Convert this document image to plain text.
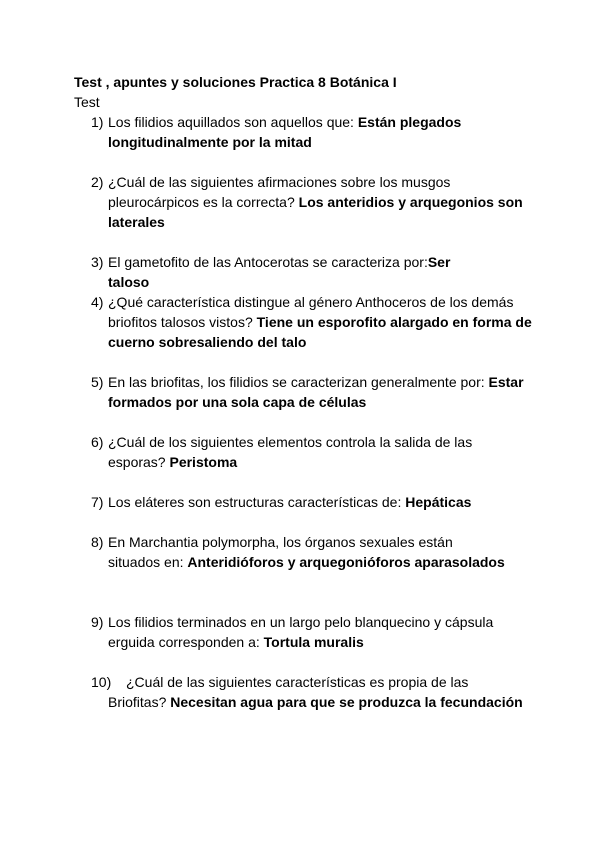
Test , apuntes y soluciones Practica 8 Botánica I
Test
1) Los filidios aquillados son aquellos que: Están plegados longitudinalmente por la mitad
2) ¿Cuál de las siguientes afirmaciones sobre los musgos pleurocárpicos es la correcta? Los anteridios y arquegonios son laterales
3) El gametofito de las Antocerotas se caracteriza por:Ser taloso
4) ¿Qué característica distingue al género Anthoceros de los demás briofitos talosos vistos? Tiene un esporofito alargado en forma de cuerno sobresaliendo del talo
5) En las briofitas, los filidios se caracterizan generalmente por: Estar formados por una sola capa de células
6) ¿Cuál de los siguientes elementos controla la salida de las esporas? Peristoma
7) Los eláteres son estructuras características de: Hepáticas
8) En Marchantia polymorpha, los órganos sexuales están situados en: Anteridióforos y arquegonióforos aparasolados
9) Los filidios terminados en un largo pelo blanquecino y cápsula erguida corresponden a: Tortula muralis
10)	¿Cuál de las siguientes características es propia de las Briofitas? Necesitan agua para que se produzca la fecundación
